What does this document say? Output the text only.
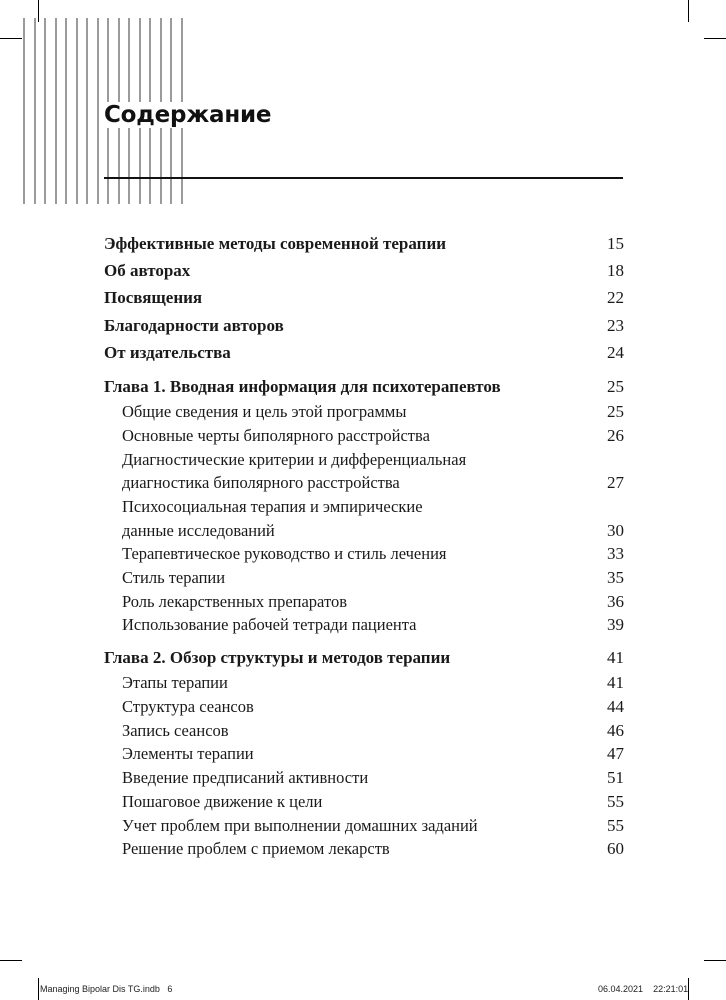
Содержание
Эффективные методы современной терапии	15
Об авторах	18
Посвящения	22
Благодарности авторов	23
От издательства	24
Глава 1. Вводная информация для психотерапевтов	25
Общие сведения и цель этой программы	25
Основные черты биполярного расстройства	26
Диагностические критерии и дифференциальная
диагностика биполярного расстройства	27
Психосоциальная терапия и эмпирические
данные исследований	30
Терапевтическое руководство и стиль лечения	33
Стиль терапии	35
Роль лекарственных препаратов	36
Использование рабочей тетради пациента	39
Глава 2. Обзор структуры и методов терапии	41
Этапы терапии	41
Структура сеансов	44
Запись сеансов	46
Элементы терапии	47
Введение предписаний активности	51
Пошаговое движение к цели	55
Учет проблем при выполнении домашних заданий	55
Решение проблем с приемом лекарств	60
Managing Bipolar Dis TG.indb 6	06.04.2021 22:21:01
